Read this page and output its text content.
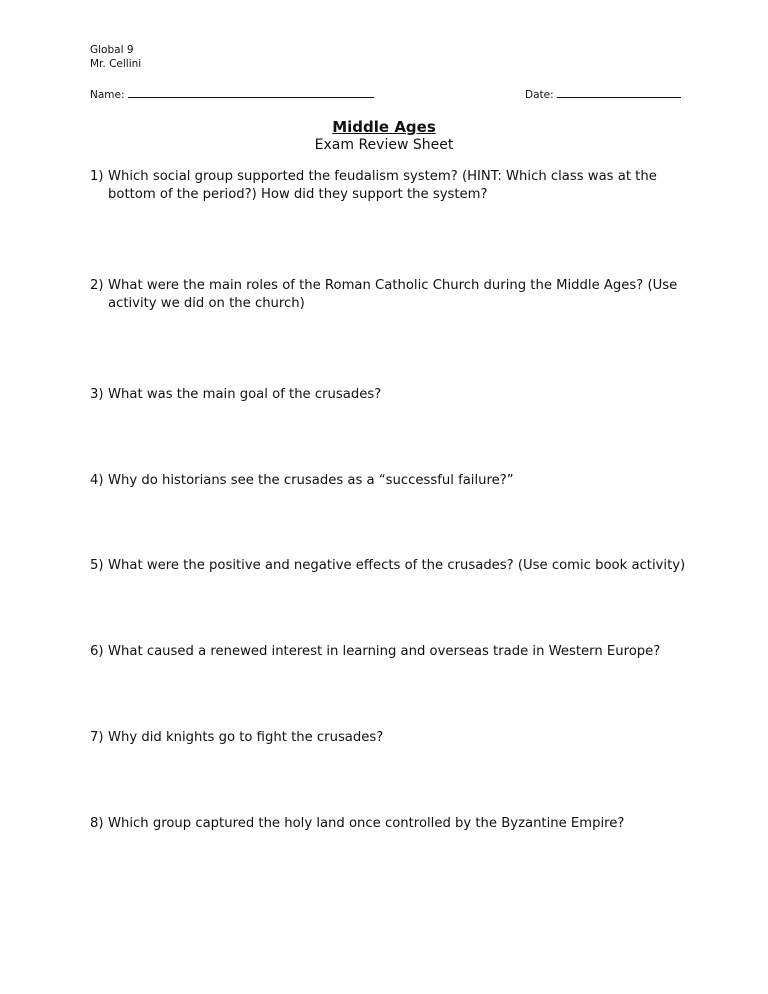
Global 9
Mr. Cellini
Name:	Date:
Middle Ages
Exam Review Sheet
1) Which social group supported the feudalism system? (HINT: Which class was at the bottom of the period?) How did they support the system?
2) What were the main roles of the Roman Catholic Church during the Middle Ages? (Use activity we did on the church)
3) What was the main goal of the crusades?
4) Why do historians see the crusades as a “successful failure?”
5) What were the positive and negative effects of the crusades? (Use comic book activity)
6) What caused a renewed interest in learning and overseas trade in Western Europe?
7) Why did knights go to fight the crusades?
8) Which group captured the holy land once controlled by the Byzantine Empire?
